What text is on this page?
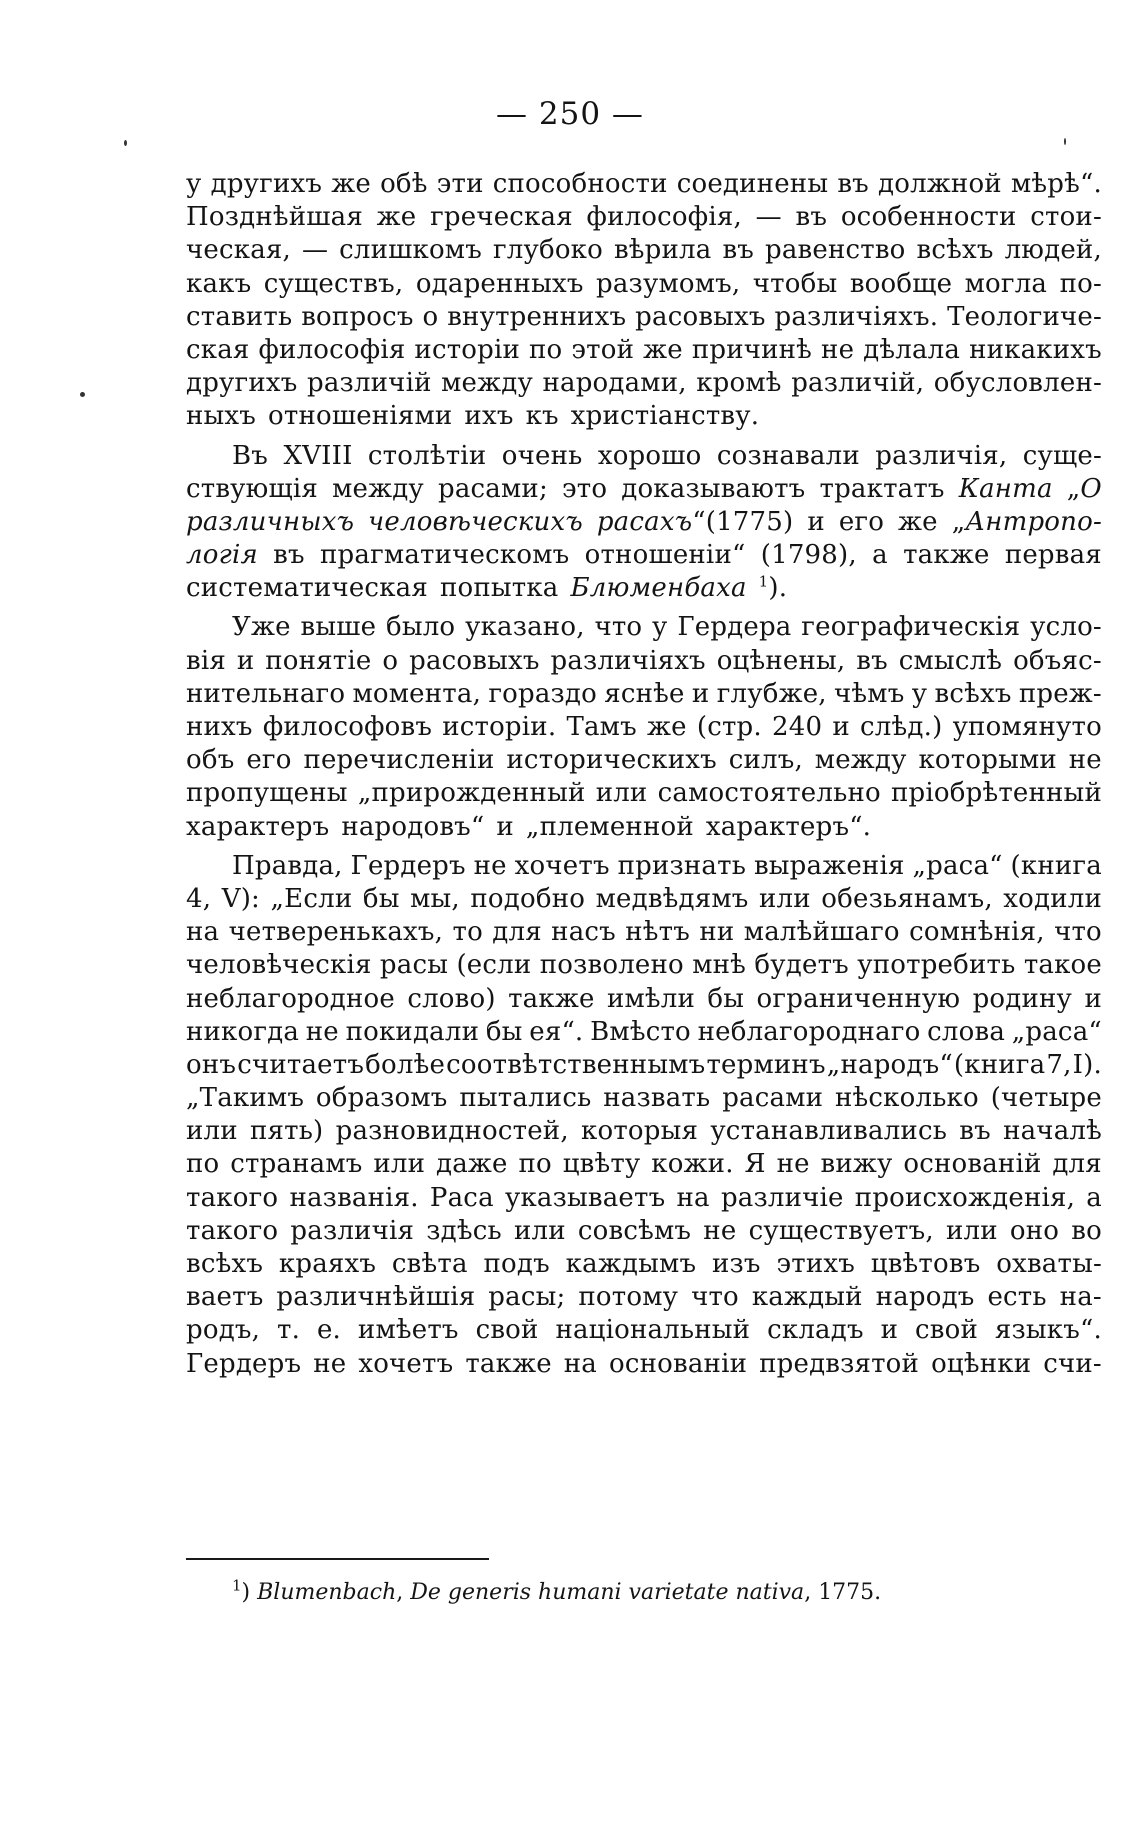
— 250 —
у другихъ же обѣ эти способности соединены въ должной мѣрѣ“.
Позднѣйшая же греческая философія, — въ особенности стои-
ческая, — слишкомъ глубоко вѣрила въ равенство всѣхъ людей,
какъ существъ, одаренныхъ разумомъ, чтобы вообще могла по-
ставить вопросъ о внутреннихъ расовыхъ различіяхъ. Теологиче-
ская философія исторіи по этой же причинѣ не дѣлала никакихъ
другихъ различій между народами, кромѣ различій, обусловлен-
ныхъ отношеніями ихъ къ христіанству.
Въ XVIII столѣтіи очень хорошо сознавали различія, суще-
ствующія между расами; это доказываютъ трактатъ Канта „О
различныхъ человѣческихъ расахъ“(1775) и его же „Антропо-
логія въ прагматическомъ отношеніи“ (1798), а также первая
систематическая попытка Блюменбаха $^1$).
Уже выше было указано, что у Гердера географическія усло-
вія и понятіе о расовыхъ различіяхъ оцѣнены, въ смыслѣ объяс-
нительнаго момента, гораздо яснѣе и глубже, чѣмъ у всѣхъ преж-
нихъ философовъ исторіи. Тамъ же (стр. 240 и слѣд.) упомянуто
объ его перечисленіи историческихъ силъ, между которыми не
пропущены „прирожденный или самостоятельно пріобрѣтенный
характеръ народовъ“ и „племенной характеръ“.
Правда, Гердеръ не хочетъ признать выраженія „раса“ (книга
4, V): „Если бы мы, подобно медвѣдямъ или обезьянамъ, ходили
на четверенькахъ, то для насъ нѣтъ ни малѣйшаго сомнѣнія, что
человѣческія расы (если позволено мнѣ будетъ употребить такое
неблагородное слово) также имѣли бы ограниченную родину и
никогда не покидали бы ея“. Вмѣсто неблагороднаго слова „раса“
онъ считаетъ болѣе соотвѣтственнымъ терминъ „народъ“ (книга 7, I).
„Такимъ образомъ пытались назвать расами нѣсколько (четыре
или пять) разновидностей, которыя устанавливались въ началѣ
по странамъ или даже по цвѣту кожи. Я не вижу основаній для
такого названія. Раса указываетъ на различіе происхожденія, а
такого различія здѣсь или совсѣмъ не существуетъ, или оно во
всѣхъ краяхъ свѣта подъ каждымъ изъ этихъ цвѣтовъ охваты-
ваетъ различнѣйшія расы; потому что каждый народъ есть на-
родъ, т. е. имѣетъ свой національный складъ и свой языкъ“.
Гердеръ не хочетъ также на основаніи предвзятой оцѣнки счи-
$^1$) Blumenbach, De generis humani varietate nativa, 1775.
